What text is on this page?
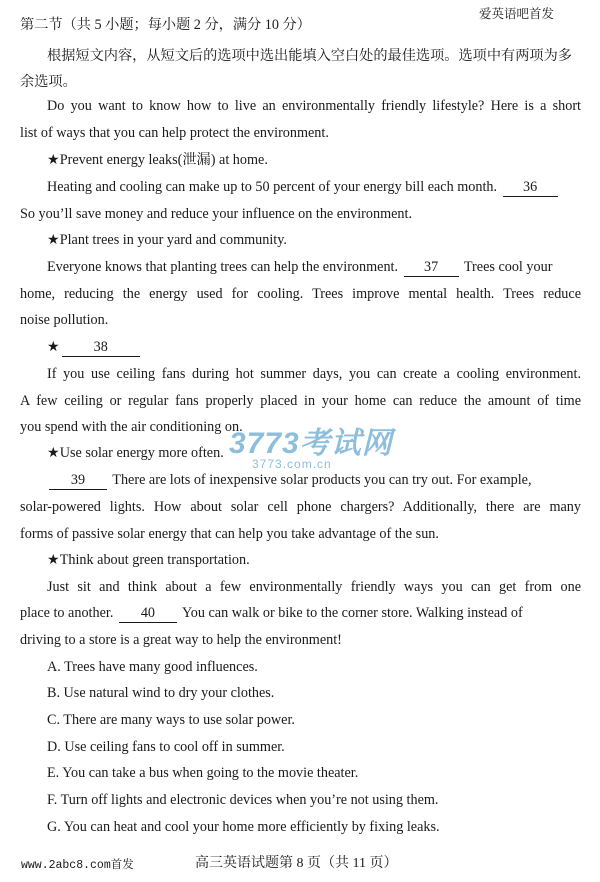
爱英语吧首发
第二节（共 5 小题；每小题 2 分，满分 10 分）
根据短文内容，从短文后的选项中选出能填入空白处的最佳选项。选项中有两项为多余选项。
Do you want to know how to live an environmentally friendly lifestyle? Here is a short
list of ways that you can help protect the environment.
★Prevent energy leaks(泄漏) at home.
Heating and cooling can make up to 50 percent of your energy bill each month. 36
So you’ll save money and reduce your influence on the environment.
★Plant trees in your yard and community.
Everyone knows that planting trees can help the environment. 37 Trees cool your
home, reducing the energy used for cooling. Trees improve mental health. Trees reduce
noise pollution.
★ 38
If you use ceiling fans during hot summer days, you can create a cooling environment.
A few ceiling or regular fans properly placed in your home can reduce the amount of time
you spend with the air conditioning on.
★Use solar energy more often.
39 There are lots of inexpensive solar products you can try out. For example,
solar-powered lights. How about solar cell phone chargers? Additionally, there are many
forms of passive solar energy that can help you take advantage of the sun.
★Think about green transportation.
Just sit and think about a few environmentally friendly ways you can get from one
place to another. 40 You can walk or bike to the corner store. Walking instead of
driving to a store is a great way to help the environment!
A. Trees have many good influences.
B. Use natural wind to dry your clothes.
C. There are many ways to use solar power.
D. Use ceiling fans to cool off in summer.
E. You can take a bus when going to the movie theater.
F. Turn off lights and electronic devices when you’re not using them.
G. You can heat and cool your home more efficiently by fixing leaks.
3773考试网
3773.com.cn
www.2abc8.com首发	高三英语试题第 8 页（共 11 页）
